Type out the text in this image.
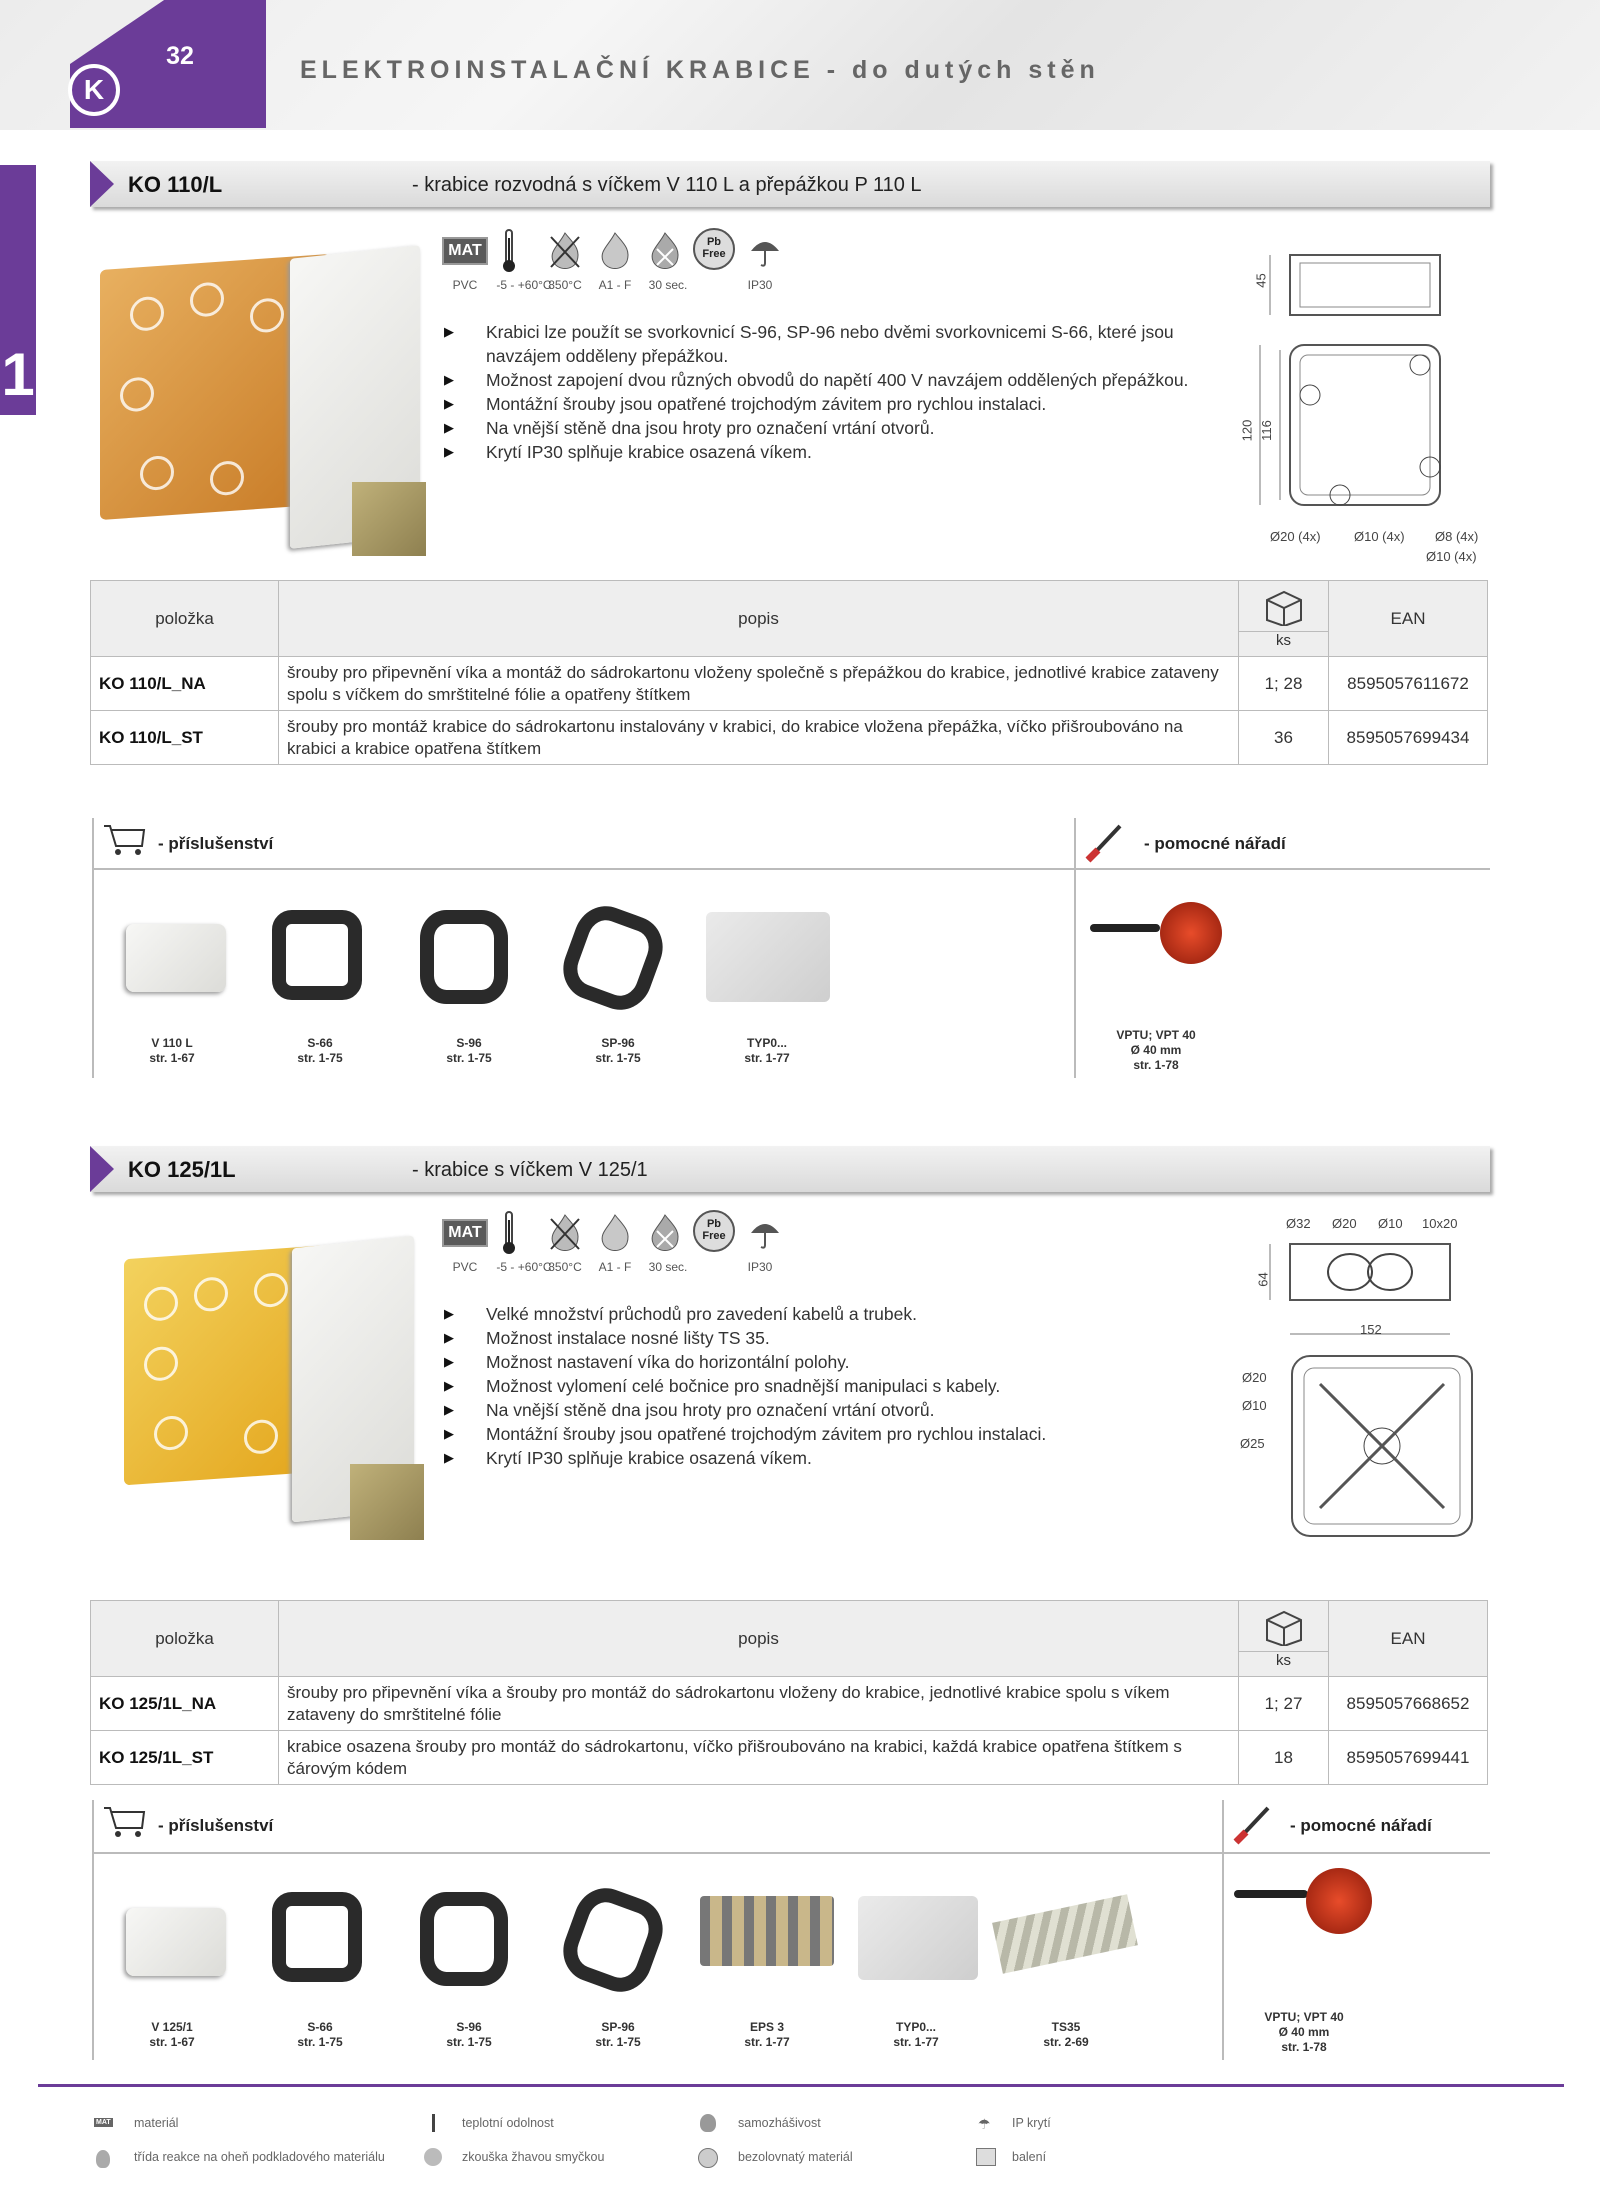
32
K
ELEKTROINSTALAČNÍ KRABICE - do dutých stěn
1
KO 110/L	- krabice rozvodná s víčkem V 110 L a přepážkou P 110 L
MAT	Pb Free
PVC	-5 - +60°C
850°C	A1 - F	30 sec.	IP30
▶ Krabici lze použít se svorkovnicí S-96, SP-96 nebo dvěmi svorkovnicemi S-66, které jsou navzájem odděleny přepážkou.
▶ Možnost zapojení dvou různých obvodů do napětí 400 V navzájem oddělených přepážkou.
▶ Montážní šrouby jsou opatřené trojchodým závitem pro rychlou instalaci.
▶ Na vnější stěně dna jsou hroty pro označení vrtání otvorů.
▶ Krytí IP30 splňuje krabice osazená víkem.
45
120 116
Ø20 (4x)	Ø10 (4x) Ø8 (4x)
Ø10 (4x)
položka	popis	ks	EAN
KO 110/L_NA	šrouby pro připevnění víka a montáž do sádrokartonu vloženy společně s přepážkou do krabice, jednotlivé krabice zataveny spolu s víčkem do smrštitelné fólie a opatřeny štítkem	1; 28	8595057611672
KO 110/L_ST	šrouby pro montáž krabice do sádrokartonu instalovány v krabici, do krabice vložena přepážka, víčko přišroubováno na krabici a krabice opatřena štítkem	36	8595057699434
- příslušenství	- pomocné nářadí
V 110 L
str. 1-67
S-66
str. 1-75
S-96
str. 1-75
SP-96
str. 1-75
TYP0...
str. 1-77
VPTU; VPT 40
Ø 40 mm
str. 1-78
KO 125/1L	- krabice s víčkem V 125/1
MAT	Pb Free
PVC	-5 - +60°C
850°C	A1 - F	30 sec.	IP30
▶ Velké množství průchodů pro zavedení kabelů a trubek.
▶ Možnost instalace nosné lišty TS 35.
▶ Možnost nastavení víka do horizontální polohy.
▶ Možnost vylomení celé bočnice pro snadnější manipulaci s kabely.
▶ Na vnější stěně dna jsou hroty pro označení vrtání otvorů.
▶ Montážní šrouby jsou opatřené trojchodým závitem pro rychlou instalaci.
▶ Krytí IP30 splňuje krabice osazená víkem.
Ø32 Ø20 Ø10 10x20
64
152
Ø20
Ø10
Ø25
položka	popis	ks	EAN
KO 125/1L_NA	šrouby pro připevnění víka a šrouby pro montáž do sádrokartonu vloženy do krabice, jednotlivé krabice spolu s víkem zataveny do smrštitelné fólie	1; 27	8595057668652
KO 125/1L_ST	krabice osazena šrouby pro montáž do sádrokartonu, víčko přišroubováno na krabici, každá krabice opatřena štítkem s čárovým kódem	18	8595057699441
- příslušenství	- pomocné nářadí
V 125/1
str. 1-67
S-66
str. 1-75
S-96
str. 1-75
SP-96
str. 1-75
EPS 3
str. 1-77
TYP0...
str. 1-77
TS35
str. 2-69
VPTU; VPT 40
Ø 40 mm
str. 1-78
MAT materiál	teplotní odolnost	samozhášivost	☂ IP krytí
třída reakce na oheň podkladového materiálu	zkouška žhavou smyčkou	bezolovnatý materiál	balení
